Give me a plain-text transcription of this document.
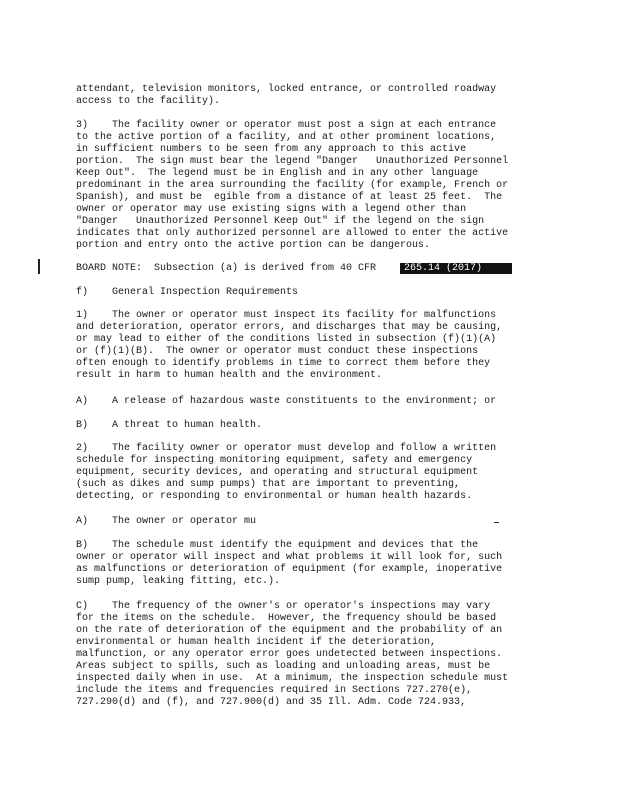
attendant, television monitors, locked entrance, or controlled roadway
access to the facility).
3)    The facility owner or operator must post a sign at each entrance
to the active portion of a facility, and at other prominent locations,
in sufficient numbers to be seen from any approach to this active
portion.  The sign must bear the legend "Danger   Unauthorized Personnel
Keep Out".  The legend must be in English and in any other language
predominant in the area surrounding the facility (for example, French or
Spanish), and must be  egible from a distance of at least 25 feet.  The
owner or operator may use existing signs with a legend other than
"Danger   Unauthorized Personnel Keep Out" if the legend on the sign
indicates that only authorized personnel are allowed to enter the active
portion and entry onto the active portion can be dangerous.
BOARD NOTE:  Subsection (a) is derived from 40 CFR	265.14 (2017)
f)    General Inspection Requirements
1)    The owner or operator must inspect its facility for malfunctions
and deterioration, operator errors, and discharges that may be causing,
or may lead to either of the conditions listed in subsection (f)(1)(A)
or (f)(1)(B).  The owner or operator must conduct these inspections
often enough to identify problems in time to correct them before they
result in harm to human health and the environment.
A)    A release of hazardous waste constituents to the environment; or
B)    A threat to human health.
2)    The facility owner or operator must develop and follow a written
schedule for inspecting monitoring equipment, safety and emergency
equipment, security devices, and operating and structural equipment
(such as dikes and sump pumps) that are important to preventing,
detecting, or responding to environmental or human health hazards.
A)    The owner or operator mu
B)    The schedule must identify the equipment and devices that the
owner or operator will inspect and what problems it will look for, such
as malfunctions or deterioration of equipment (for example, inoperative
sump pump, leaking fitting, etc.).
C)    The frequency of the owner's or operator's inspections may vary
for the items on the schedule.  However, the frequency should be based
on the rate of deterioration of the equipment and the probability of an
environmental or human health incident if the deterioration,
malfunction, or any operator error goes undetected between inspections.
Areas subject to spills, such as loading and unloading areas, must be
inspected daily when in use.  At a minimum, the inspection schedule must
include the items and frequencies required in Sections 727.270(e),
727.290(d) and (f), and 727.900(d) and 35 Ill. Adm. Code 724.933,
